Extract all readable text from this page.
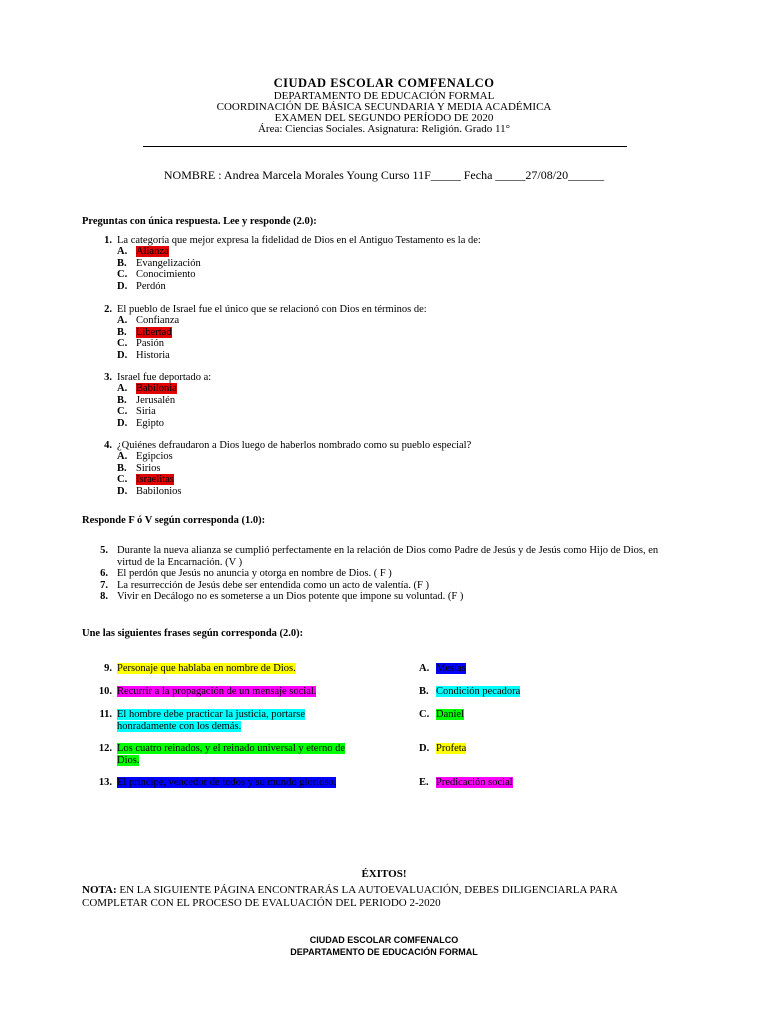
CIUDAD ESCOLAR COMFENALCO
DEPARTAMENTO DE EDUCACIÓN FORMAL
COORDINACIÓN DE BÁSICA SECUNDARIA Y MEDIA ACADÉMICA
EXAMEN DEL SEGUNDO PERÍODO DE 2020
Área: Ciencias Sociales. Asignatura: Religión. Grado 11°
NOMBRE : Andrea Marcela Morales Young Curso 11F_____ Fecha _____27/08/20______
Preguntas con única respuesta. Lee y responde (2.0):
1. La categoría que mejor expresa la fidelidad de Dios en el Antiguo Testamento es la de:
A. Alianza
B. Evangelización
C. Conocimiento
D. Perdón
2. El pueblo de Israel fue el único que se relacionó con Dios en términos de:
A. Confianza
B. Libertad
C. Pasión
D. Historia
3. Israel fue deportado a:
A. Babilonia
B. Jerusalén
C. Siria
D. Egipto
4. ¿Quiénes defraudaron a Dios luego de haberlos nombrado como su pueblo especial?
A. Egipcios
B. Sirios
C. Israelitas
D. Babilonios
Responde F ó V según corresponda (1.0):
5. Durante la nueva alianza se cumplió perfectamente en la relación de Dios como Padre de Jesús y de Jesús como Hijo de Dios, en virtud de la Encarnación. (V )
6. El perdón que Jesús no anuncia y otorga en nombre de Dios. ( F )
7. La resurrección de Jesús debe ser entendida como un acto de valentía. (F )
8. Vivir en Decálogo no es someterse a un Dios potente que impone su voluntad. (F )
Une las siguientes frases según corresponda (2.0):
9. Personaje que hablaba en nombre de Dios.
10. Recurrir a la propagación de un mensaje social.
11. El hombre debe practicar la justicia, portarse honradamente con los demás.
12. Los cuatro reinados, y el reinado universal y eterno de Dios.
13. El príncipe, vencedor de todos y su mundo glorioso.
A. Mesías
B. Condición pecadora
C. Daniel
D. Profeta
E. Predicación social
ÉXITOS!
NOTA: EN LA SIGUIENTE PÁGINA ENCONTRARÁS LA AUTOEVALUACIÓN, DEBES DILIGENCIARLA PARA COMPLETAR CON EL PROCESO DE EVALUACIÓN DEL PERIODO 2-2020
CIUDAD ESCOLAR COMFENALCO
DEPARTAMENTO DE EDUCACIÓN FORMAL
